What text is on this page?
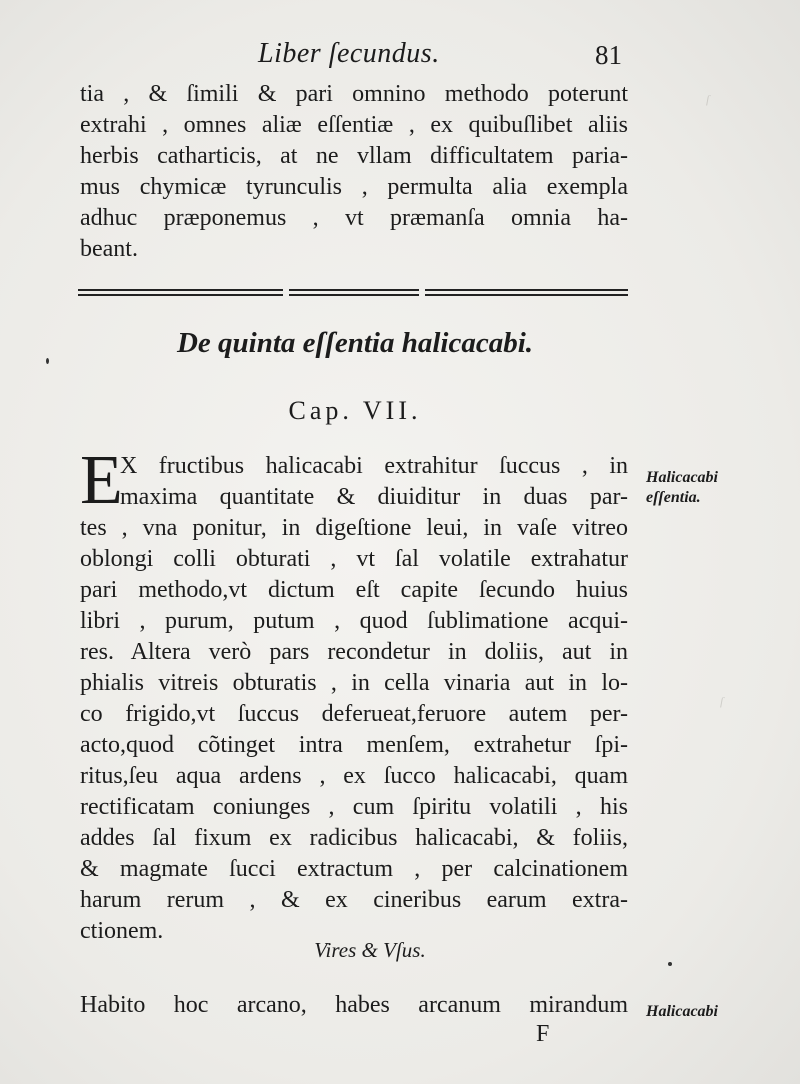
ſ
ſ
Liber ſecundus.	81
tia , & ſimili & pari omnino methodo poterunt
extrahi , omnes aliæ eſſentiæ , ex quibuſlibet aliis
herbis catharticis, at ne vllam difficultatem paria-
mus chymicæ tyrunculis , permulta alia exempla
adhuc præponemus , vt præmanſa omnia ha-
beant.
De quinta eſſentia halicacabi.
Cap. VII.
E
X fructibus halicacabi extrahitur ſuccus , in
maxima quantitate & diuiditur in duas par-
tes , vna ponitur, in digeſtione leui, in vaſe vitreo
oblongi colli obturati , vt ſal volatile extrahatur
pari methodo,vt dictum eſt capite ſecundo huius
libri , purum, putum , quod ſublimatione acqui-
res. Altera verò pars recondetur in doliis, aut in
phialis vitreis obturatis , in cella vinaria aut in lo-
co frigido,vt ſuccus deferueat,feruore autem per-
acto,quod cõtinget intra menſem, extrahetur ſpi-
ritus,ſeu aqua ardens , ex ſucco halicacabi, quam
rectificatam coniunges , cum ſpiritu volatili , his
addes ſal fixum ex radicibus halicacabi, & foliis,
& magmate ſucci extractum , per calcinationem
harum rerum , & ex cineribus earum extra-
ctionem.
Halicacabi
eſſentia.
Vires & Vſus.
Habito hoc arcano, habes arcanum mirandum Halicacabi
F
